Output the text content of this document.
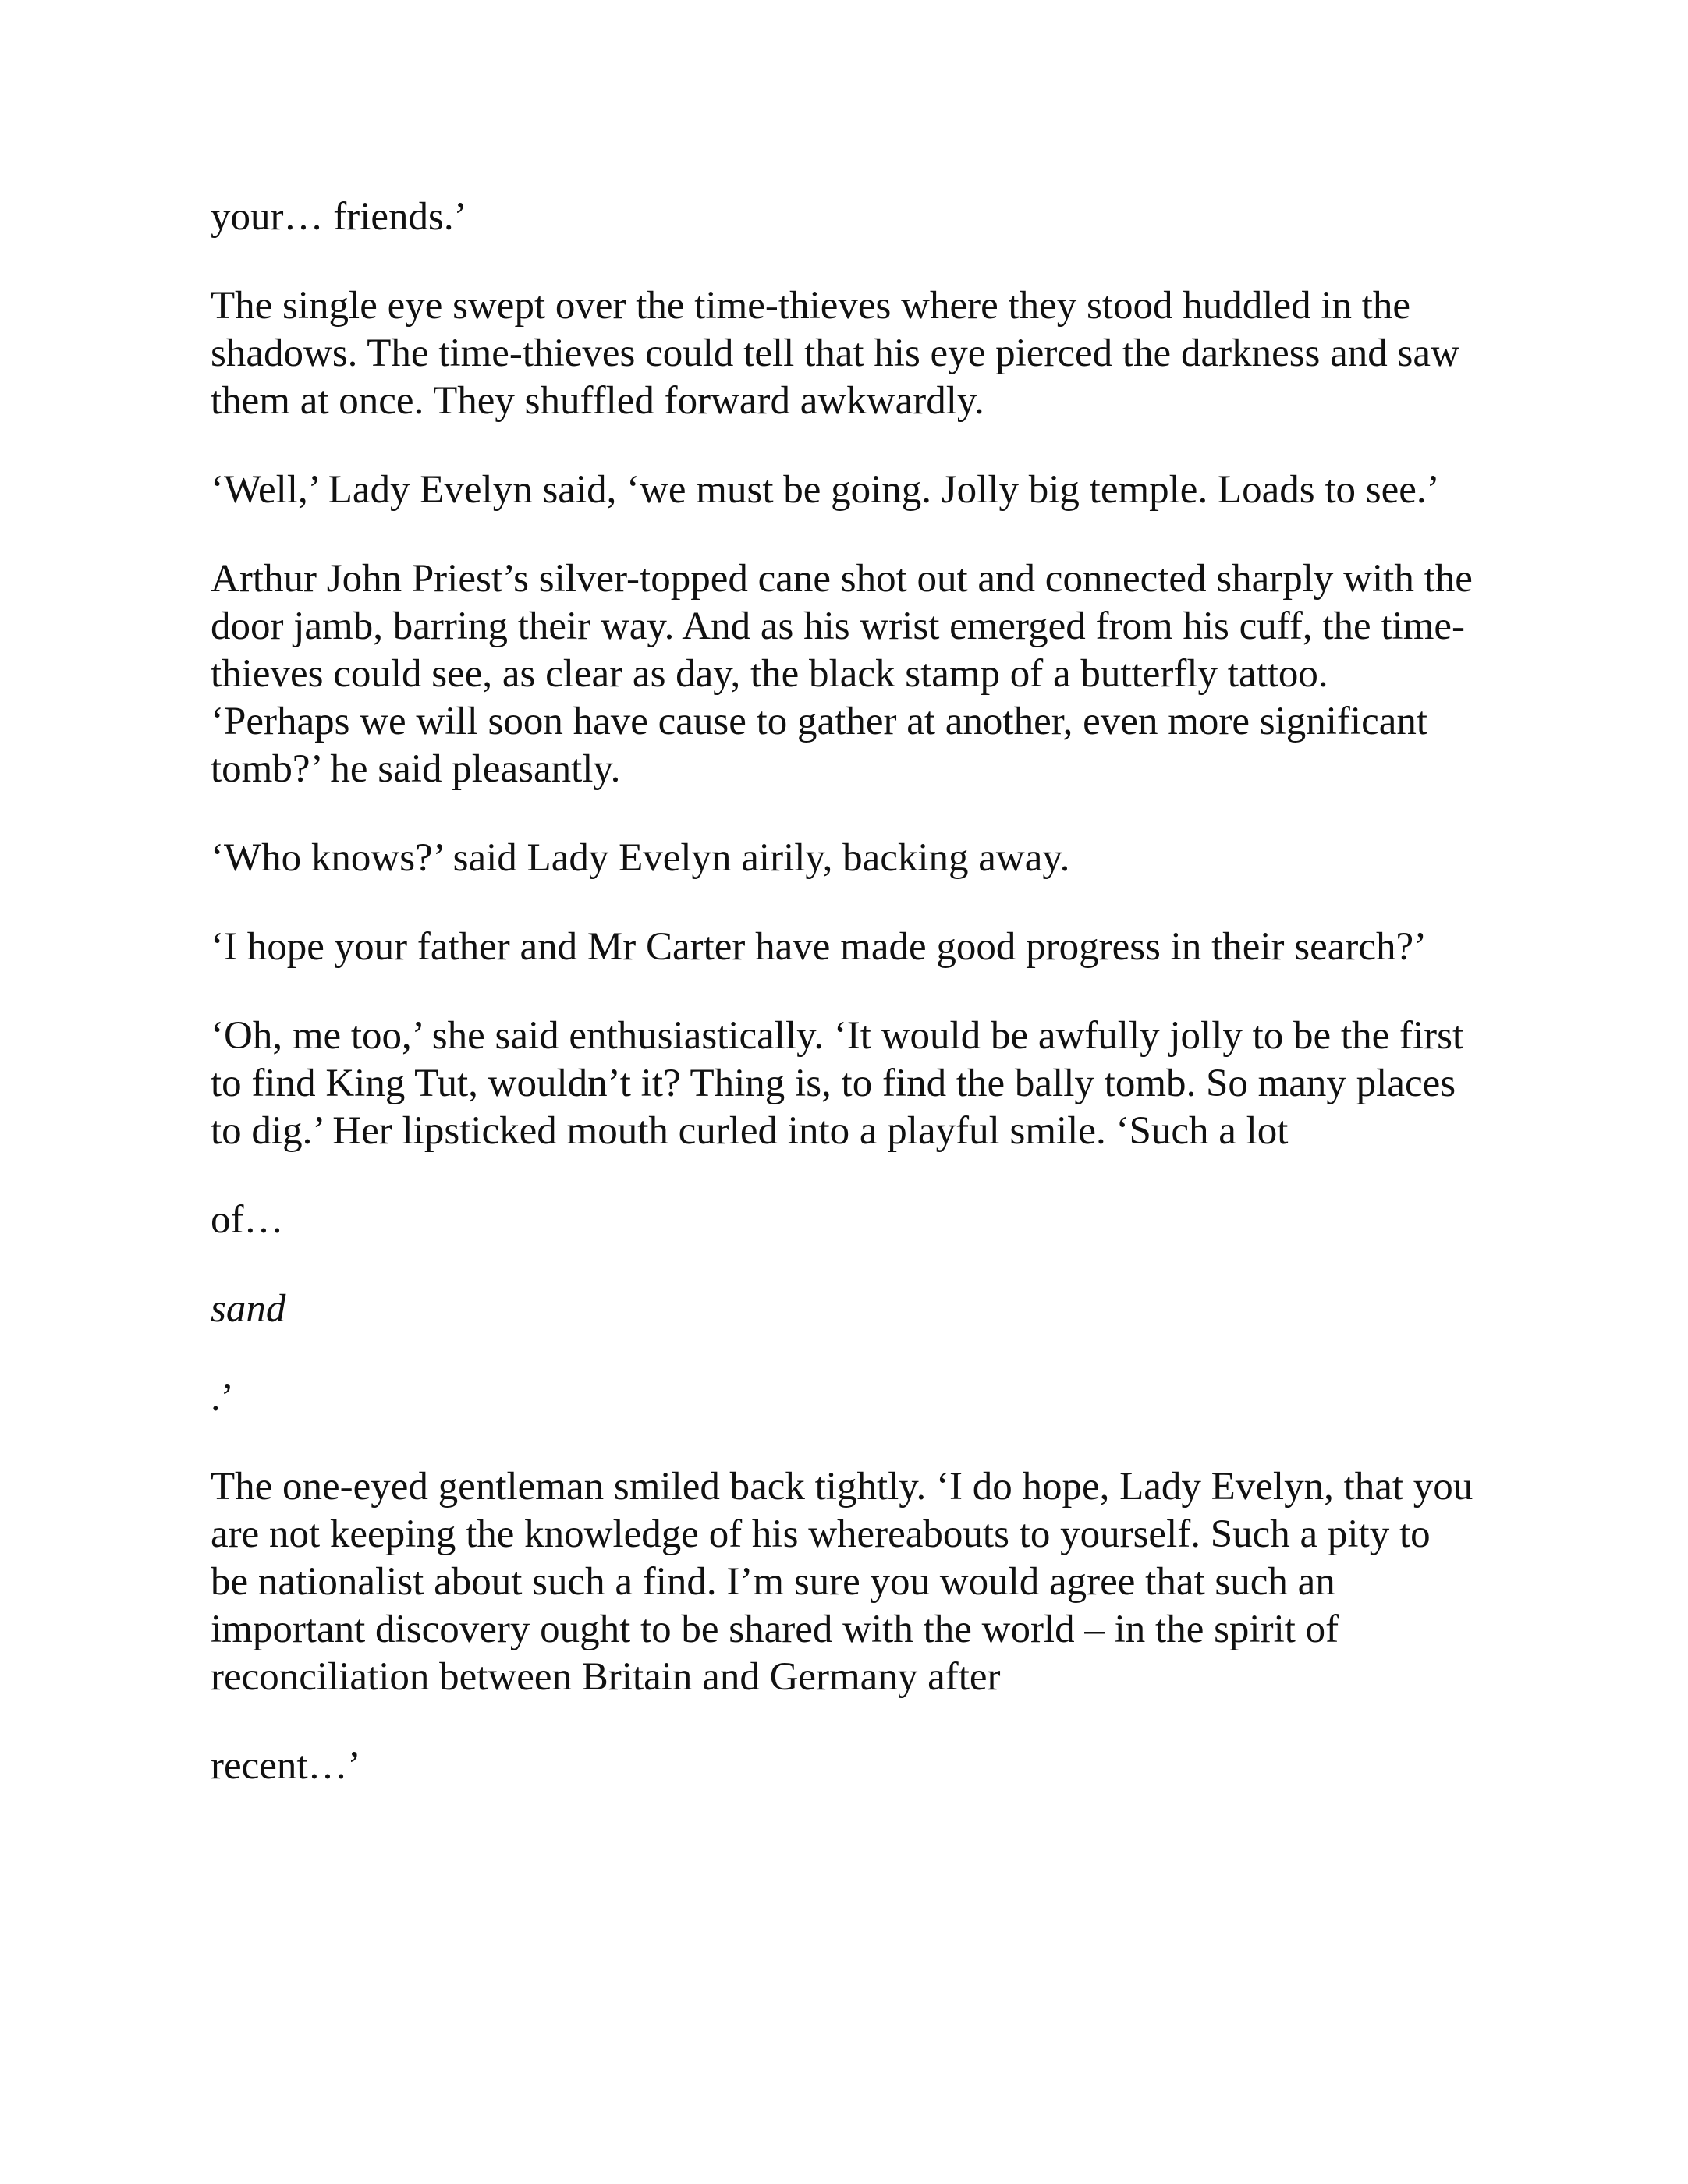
your… friends.’

The single eye swept over the time-thieves where they stood huddled in the shadows. The time-thieves could tell that his eye pierced the darkness and saw them at once. They shuffled forward awkwardly.

‘Well,’ Lady Evelyn said, ‘we must be going. Jolly big temple. Loads to see.’

Arthur John Priest’s silver-topped cane shot out and connected sharply with the door jamb, barring their way. And as his wrist emerged from his cuff, the time-thieves could see, as clear as day, the black stamp of a butterfly tattoo. ‘Perhaps we will soon have cause to gather at another, even more significant tomb?’ he said pleasantly.

‘Who knows?’ said Lady Evelyn airily, backing away.

‘I hope your father and Mr Carter have made good progress in their search?’

‘Oh, me too,’ she said enthusiastically. ‘It would be awfully jolly to be the first to find King Tut, wouldn’t it? Thing is, to find the bally tomb. So many places to dig.’ Her lipsticked mouth curled into a playful smile. ‘Such a lot

of…

sand

.’

The one-eyed gentleman smiled back tightly. ‘I do hope, Lady Evelyn, that you are not keeping the knowledge of his whereabouts to yourself. Such a pity to be nationalist about such a find. I’m sure you would agree that such an important discovery ought to be shared with the world – in the spirit of reconciliation between Britain and Germany after

recent…’
